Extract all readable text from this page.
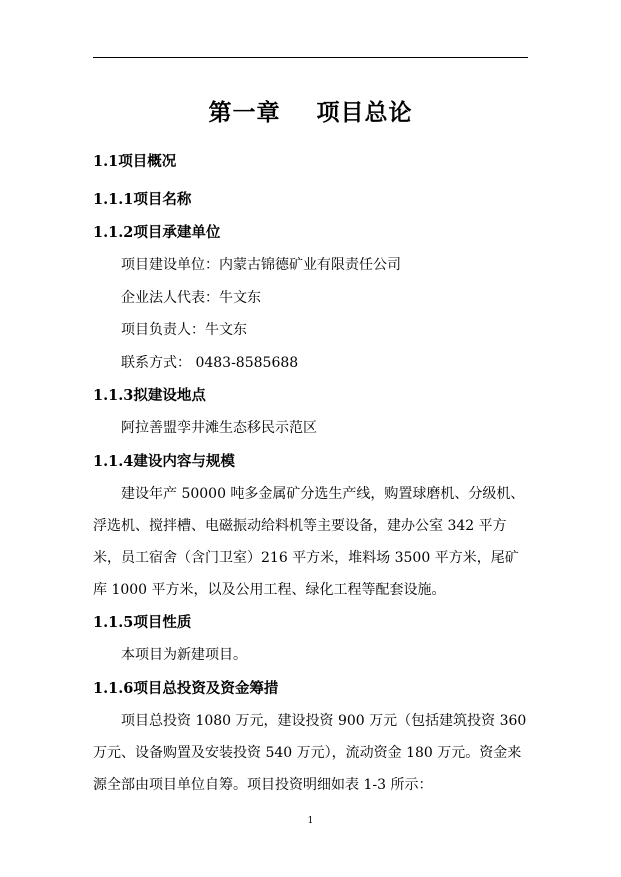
第一章    项目总论
1.1项目概况
1.1.1项目名称
1.1.2项目承建单位
项目建设单位：内蒙古锦德矿业有限责任公司
企业法人代表：牛文东
项目负责人：牛文东
联系方式： 0483-8585688
1.1.3拟建设地点
阿拉善盟孪井滩生态移民示范区
1.1.4建设内容与规模
建设年产 50000 吨多金属矿分选生产线，购置球磨机、分级机、
浮选机、搅拌槽、电磁振动给料机等主要设备，建办公室 342 平方
米，员工宿舍（含门卫室）216 平方米，堆料场 3500 平方米，尾矿
库 1000 平方米，以及公用工程、绿化工程等配套设施。
1.1.5项目性质
本项目为新建项目。
1.1.6项目总投资及资金筹措
项目总投资 1080 万元，建设投资 900 万元（包括建筑投资 360
万元、设备购置及安装投资 540 万元），流动资金 180 万元。资金来
源全部由项目单位自筹。项目投资明细如表 1-3 所示：
1
